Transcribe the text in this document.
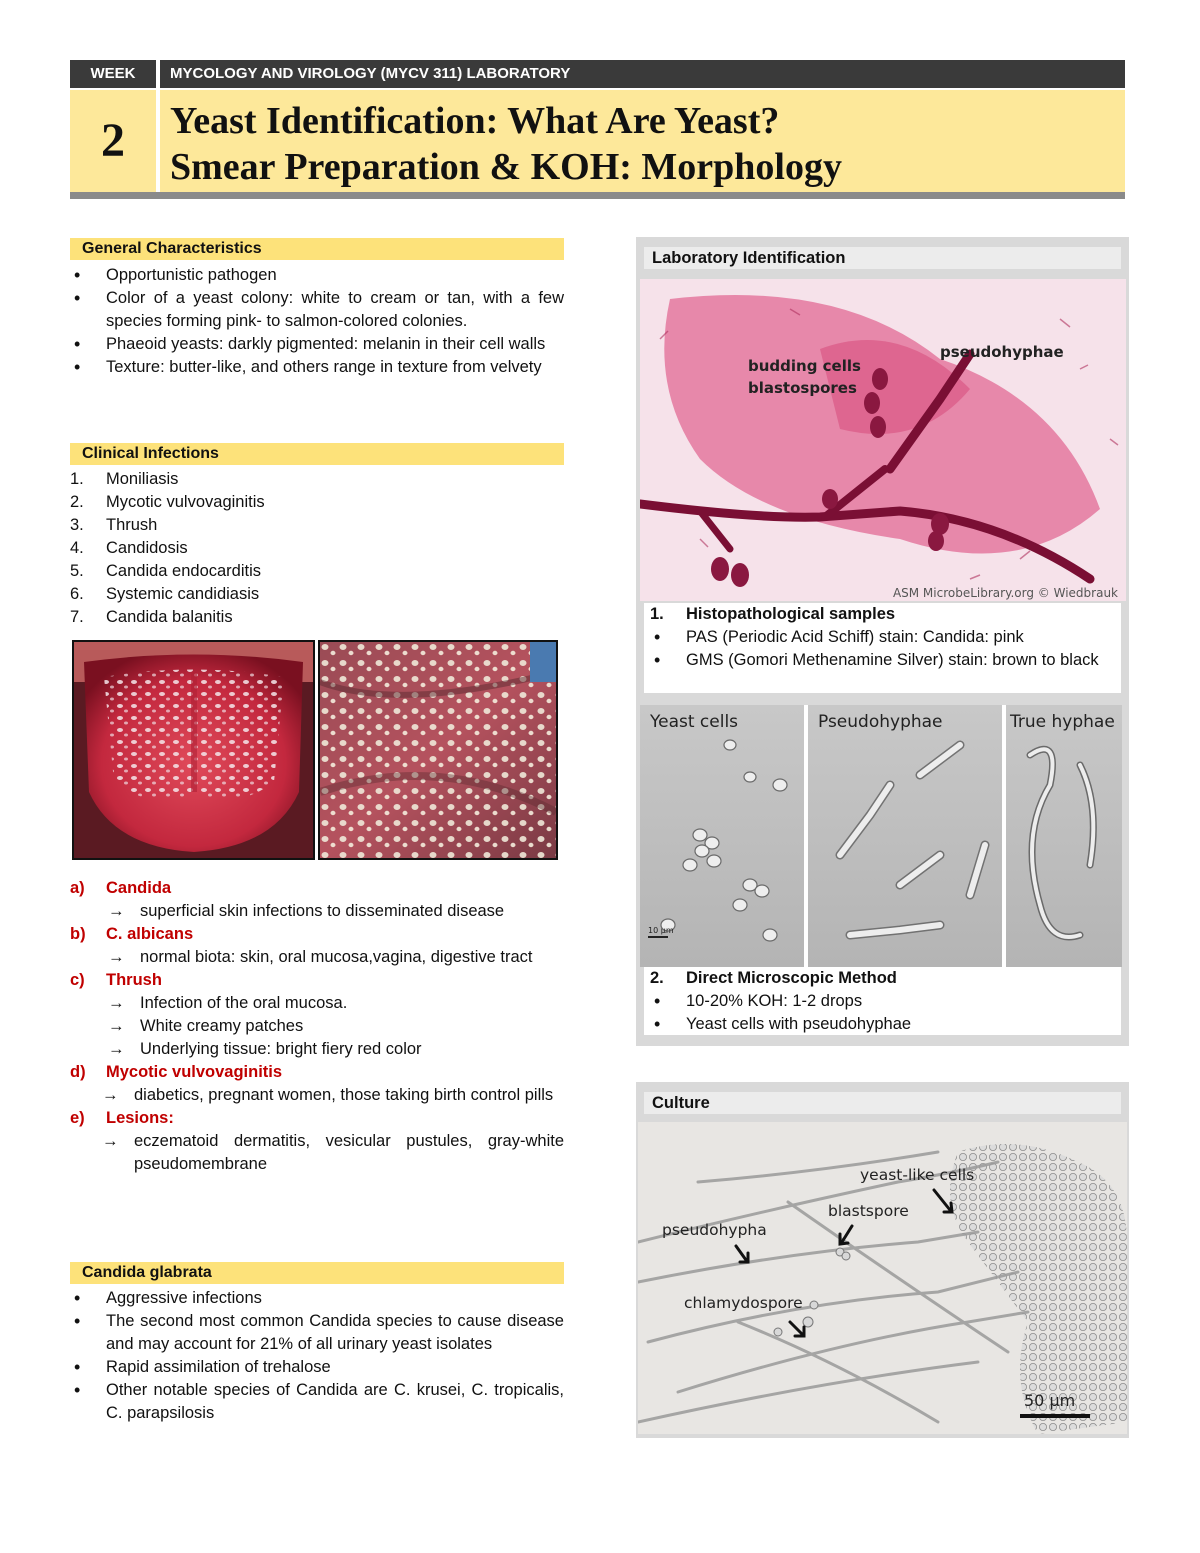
WEEK	MYCOLOGY AND VIROLOGY (MYCV 311) LABORATORY
2	Yeast Identification: What Are Yeast?
Smear Preparation & KOH: Morphology
General Characteristics
• Opportunistic pathogen
• Color of a yeast colony: white to cream or tan, with a few species forming pink- to salmon-colored colonies.
• Phaeoid yeasts: darkly pigmented: melanin in their cell walls
• Texture: butter-like, and others range in texture from velvety
Clinical Infections
1. Moniliasis
2. Mycotic vulvovaginitis
3. Thrush
4. Candidosis
5. Candida endocarditis
6. Systemic candidiasis
7. Candida balanitis
a) Candida
→ superficial skin infections to disseminated disease
b) C. albicans
→ normal biota: skin, oral mucosa,vagina, digestive tract
c) Thrush
→ Infection of the oral mucosa.
→ White creamy patches
→ Underlying tissue: bright fiery red color
d) Mycotic vulvovaginitis
→ diabetics, pregnant women, those taking birth control pills
e) Lesions:
→ eczematoid dermatitis, vesicular pustules, gray-white pseudomembrane
Candida glabrata
• Aggressive infections
• The second most common Candida species to cause disease and may account for 21% of all urinary yeast isolates
• Rapid assimilation of trehalose
• Other notable species of Candida are C. krusei, C. tropicalis, C. parapsilosis
Laboratory Identification
budding cells
blastospores
pseudohyphae
ASM MicrobeLibrary.org © Wiedbrauk
1. Histopathological samples
• PAS (Periodic Acid Schiff) stain: Candida: pink
• GMS (Gomori Methenamine Silver) stain: brown to black
Yeast cells	Pseudohyphae	True hyphae
10 μm
2. Direct Microscopic Method
• 10-20% KOH: 1-2 drops
• Yeast cells with pseudohyphae
Culture
yeast-like cells
pseudohypha
blastspore
chlamydospore
50 μm
